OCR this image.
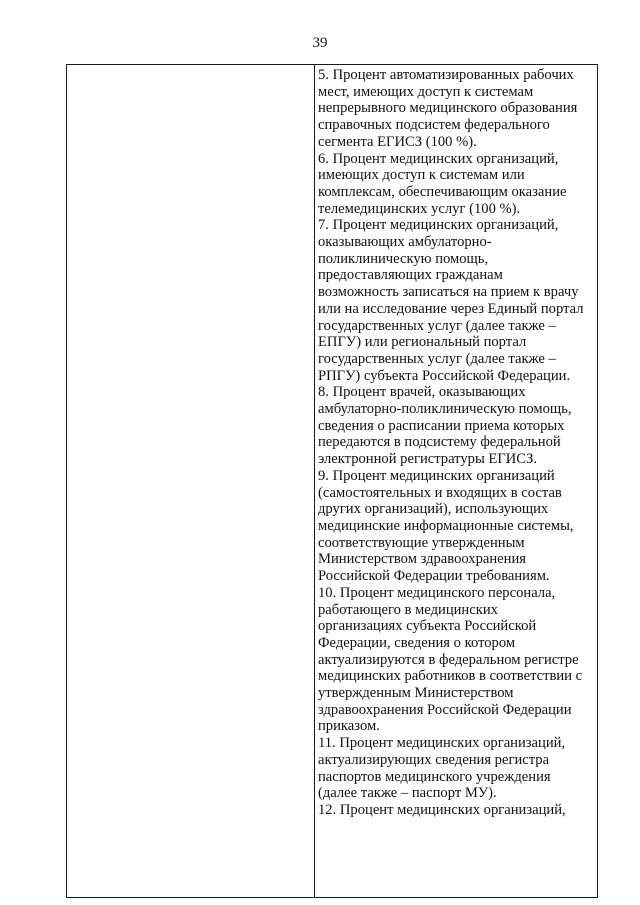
39
5. Процент автоматизированных рабочих
мест, имеющих доступ к системам
непрерывного медицинского образования
справочных подсистем федерального
сегмента ЕГИСЗ (100 %).
6. Процент медицинских организаций,
имеющих доступ к системам или
комплексам, обеспечивающим оказание
телемедицинских услуг (100 %).
7. Процент медицинских организаций,
оказывающих амбулаторно-
поликлиническую помощь,
предоставляющих гражданам
возможность записаться на прием к врачу
или на исследование через Единый портал
государственных услуг (далее также –
ЕПГУ) или региональный портал
государственных услуг (далее также –
РПГУ) субъекта Российской Федерации.
8. Процент врачей, оказывающих
амбулаторно-поликлиническую помощь,
сведения о расписании приема которых
передаются в подсистему федеральной
электронной регистратуры ЕГИСЗ.
9. Процент медицинских организаций
(самостоятельных и входящих в состав
других организаций), использующих
медицинские информационные системы,
соответствующие утвержденным
Министерством здравоохранения
Российской Федерации требованиям.
10. Процент медицинского персонала,
работающего в медицинских
организациях субъекта Российской
Федерации, сведения о котором
актуализируются в федеральном регистре
медицинских работников в соответствии с
утвержденным Министерством
здравоохранения Российской Федерации
приказом.
11. Процент медицинских организаций,
актуализирующих сведения регистра
паспортов медицинского учреждения
(далее также – паспорт МУ).
12. Процент медицинских организаций,
